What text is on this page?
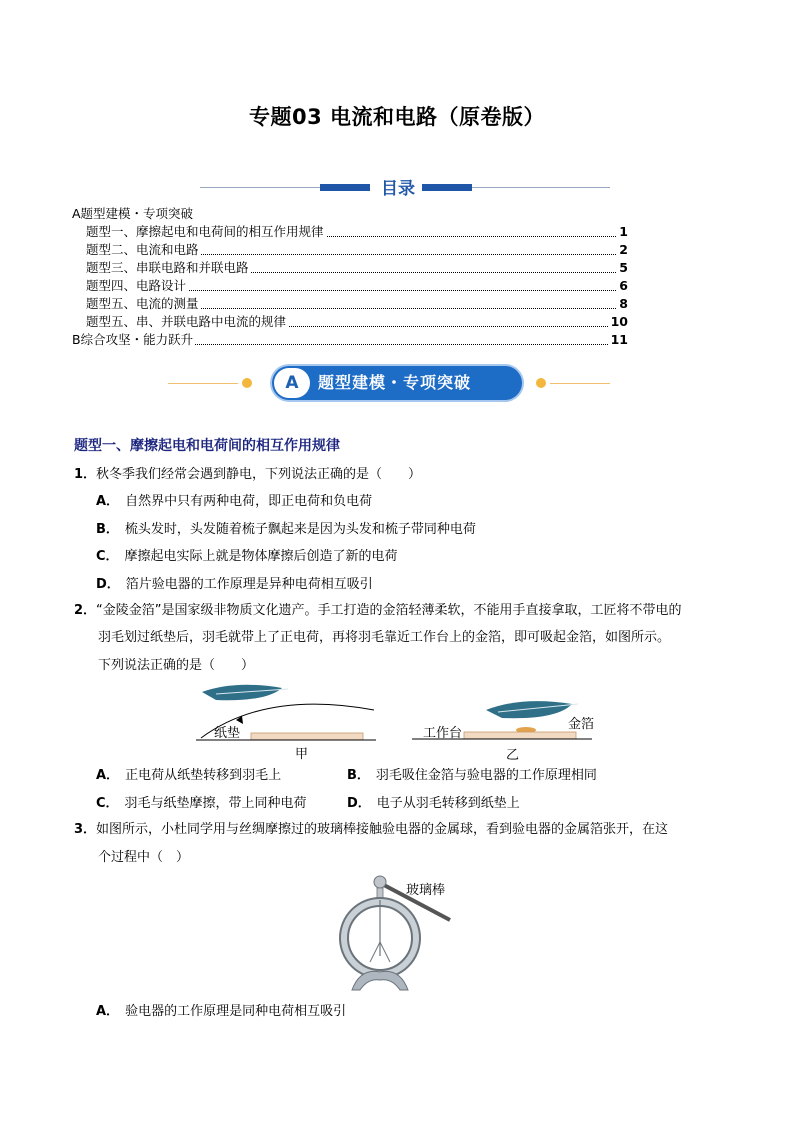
专题03 电流和电路（原卷版）
目录
A题型建模・专项突破
题型一、摩擦起电和电荷间的相互作用规律	1
题型二、电流和电路	2
题型三、串联电路和并联电路	5
题型四、电路设计	6
题型五、电流的测量	8
题型五、串、并联电路中电流的规律	10
B综合攻坚・能力跃升	11
A	题型建模・专项突破
题型一、摩擦起电和电荷间的相互作用规律
1．秋冬季我们经常会遇到静电，下列说法正确的是（　　）
A． 自然界中只有两种电荷，即正电荷和负电荷
B． 梳头发时，头发随着梳子飘起来是因为头发和梳子带同种电荷
C． 摩擦起电实际上就是物体摩擦后创造了新的电荷
D． 箔片验电器的工作原理是异种电荷相互吸引
2．“金陵金箔”是国家级非物质文化遗产。手工打造的金箔轻薄柔软，不能用手直接拿取，工匠将不带电的
羽毛划过纸垫后，羽毛就带上了正电荷，再将羽毛靠近工作台上的金箔，即可吸起金箔，如图所示。
下列说法正确的是（　　）
纸垫
甲
工作台
金箔
乙
A． 正电荷从纸垫转移到羽毛上	B． 羽毛吸住金箔与验电器的工作原理相同
C． 羽毛与纸垫摩擦，带上同种电荷	D． 电子从羽毛转移到纸垫上
3．如图所示，小杜同学用与丝绸摩擦过的玻璃棒接触验电器的金属球，看到验电器的金属箔张开，在这
个过程中（　）
玻璃棒
A． 验电器的工作原理是同种电荷相互吸引
